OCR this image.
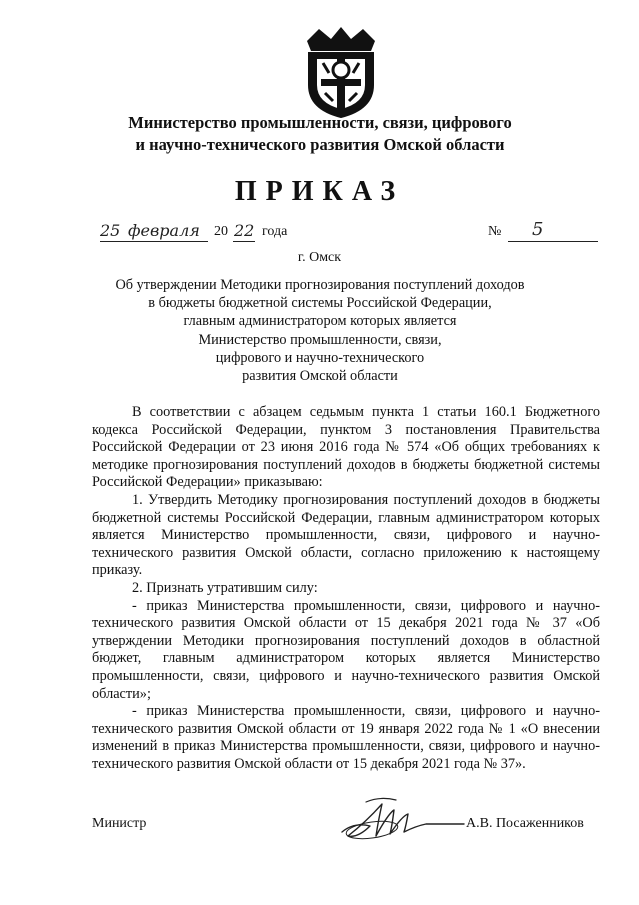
Министерство промышленности, связи, цифрового
и научно-технического развития Омской области
ПРИКАЗ
25 февраля 20 22 года	№ 5
г. Омск
Об утверждении Методики прогнозирования поступлений доходов
в бюджеты бюджетной системы Российской Федерации,
главным администратором которых является
Министерство промышленности, связи,
цифрового и научно-технического
развития Омской области

В соответствии с абзацем седьмым пункта 1 статьи 160.1 Бюджетного кодекса Российской Федерации, пунктом 3 постановления Правительства Российской Федерации от 23 июня 2016 года № 574 «Об общих требованиях к методике прогнозирования поступлений доходов в бюджеты бюджетной системы Российской Федерации» приказываю:

1. Утвердить Методику прогнозирования поступлений доходов в бюджеты бюджетной системы Российской Федерации, главным администратором которых является Министерство промышленности, связи, цифрового и научно-технического развития Омской области, согласно приложению к настоящему приказу.

2. Признать утратившим силу:

- приказ Министерства промышленности, связи, цифрового и научно-технического развития Омской области от 15 декабря 2021 года № 37 «Об утверждении Методики прогнозирования поступлений доходов в областной бюджет, главным администратором которых является Министерство промышленности, связи, цифрового и научно-технического развития Омской области»;

- приказ Министерства промышленности, связи, цифрового и научно-технического развития Омской области от 19 января 2022 года № 1 «О внесении изменений в приказ Министерства промышленности, связи, цифрового и научно-технического развития Омской области от 15 декабря 2021 года № 37».

Министр	А.В. Посаженников
